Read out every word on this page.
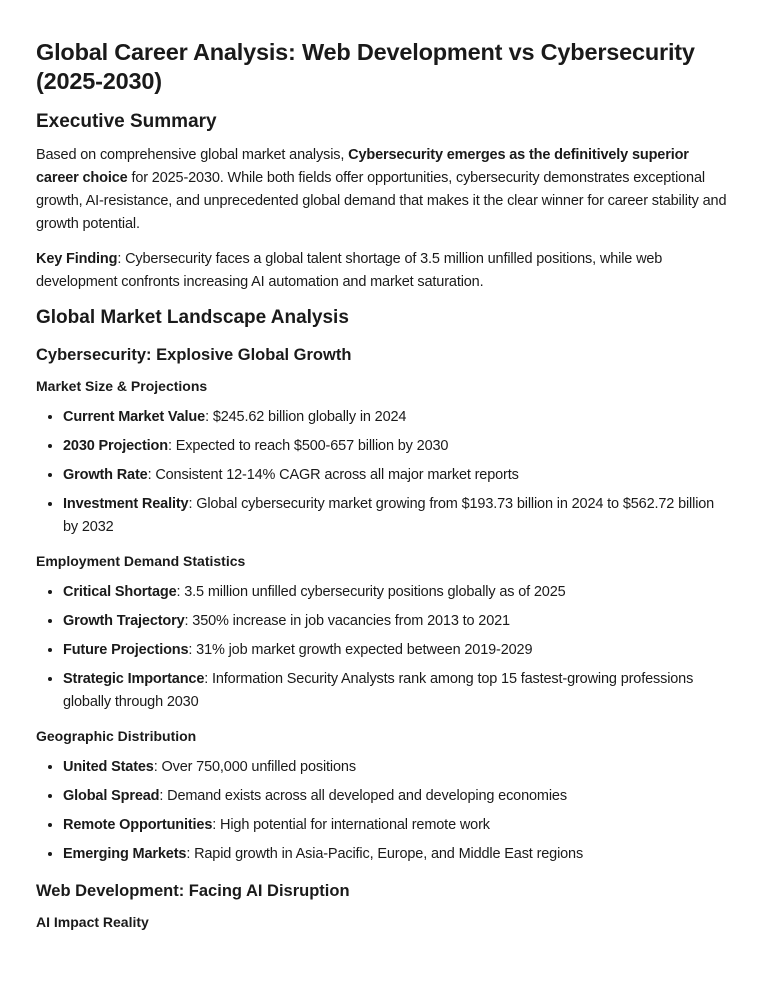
Global Career Analysis: Web Development vs Cybersecurity (2025-2030)
Executive Summary

Based on comprehensive global market analysis, Cybersecurity emerges as the definitively superior career choice for 2025-2030. While both fields offer opportunities, cybersecurity demonstrates exceptional growth, AI-resistance, and unprecedented global demand that makes it the clear winner for career stability and growth potential.

Key Finding: Cybersecurity faces a global talent shortage of 3.5 million unfilled positions, while web development confronts increasing AI automation and market saturation.

Global Market Landscape Analysis
Cybersecurity: Explosive Global Growth
Market Size & Projections
• Current Market Value: $245.62 billion globally in 2024
• 2030 Projection: Expected to reach $500-657 billion by 2030
• Growth Rate: Consistent 12-14% CAGR across all major market reports
• Investment Reality: Global cybersecurity market growing from $193.73 billion in 2024 to $562.72 billion by 2032
Employment Demand Statistics
• Critical Shortage: 3.5 million unfilled cybersecurity positions globally as of 2025
• Growth Trajectory: 350% increase in job vacancies from 2013 to 2021
• Future Projections: 31% job market growth expected between 2019-2029
• Strategic Importance: Information Security Analysts rank among top 15 fastest-growing professions globally through 2030
Geographic Distribution
• United States: Over 750,000 unfilled positions
• Global Spread: Demand exists across all developed and developing economies
• Remote Opportunities: High potential for international remote work
• Emerging Markets: Rapid growth in Asia-Pacific, Europe, and Middle East regions
Web Development: Facing AI Disruption
AI Impact Reality
